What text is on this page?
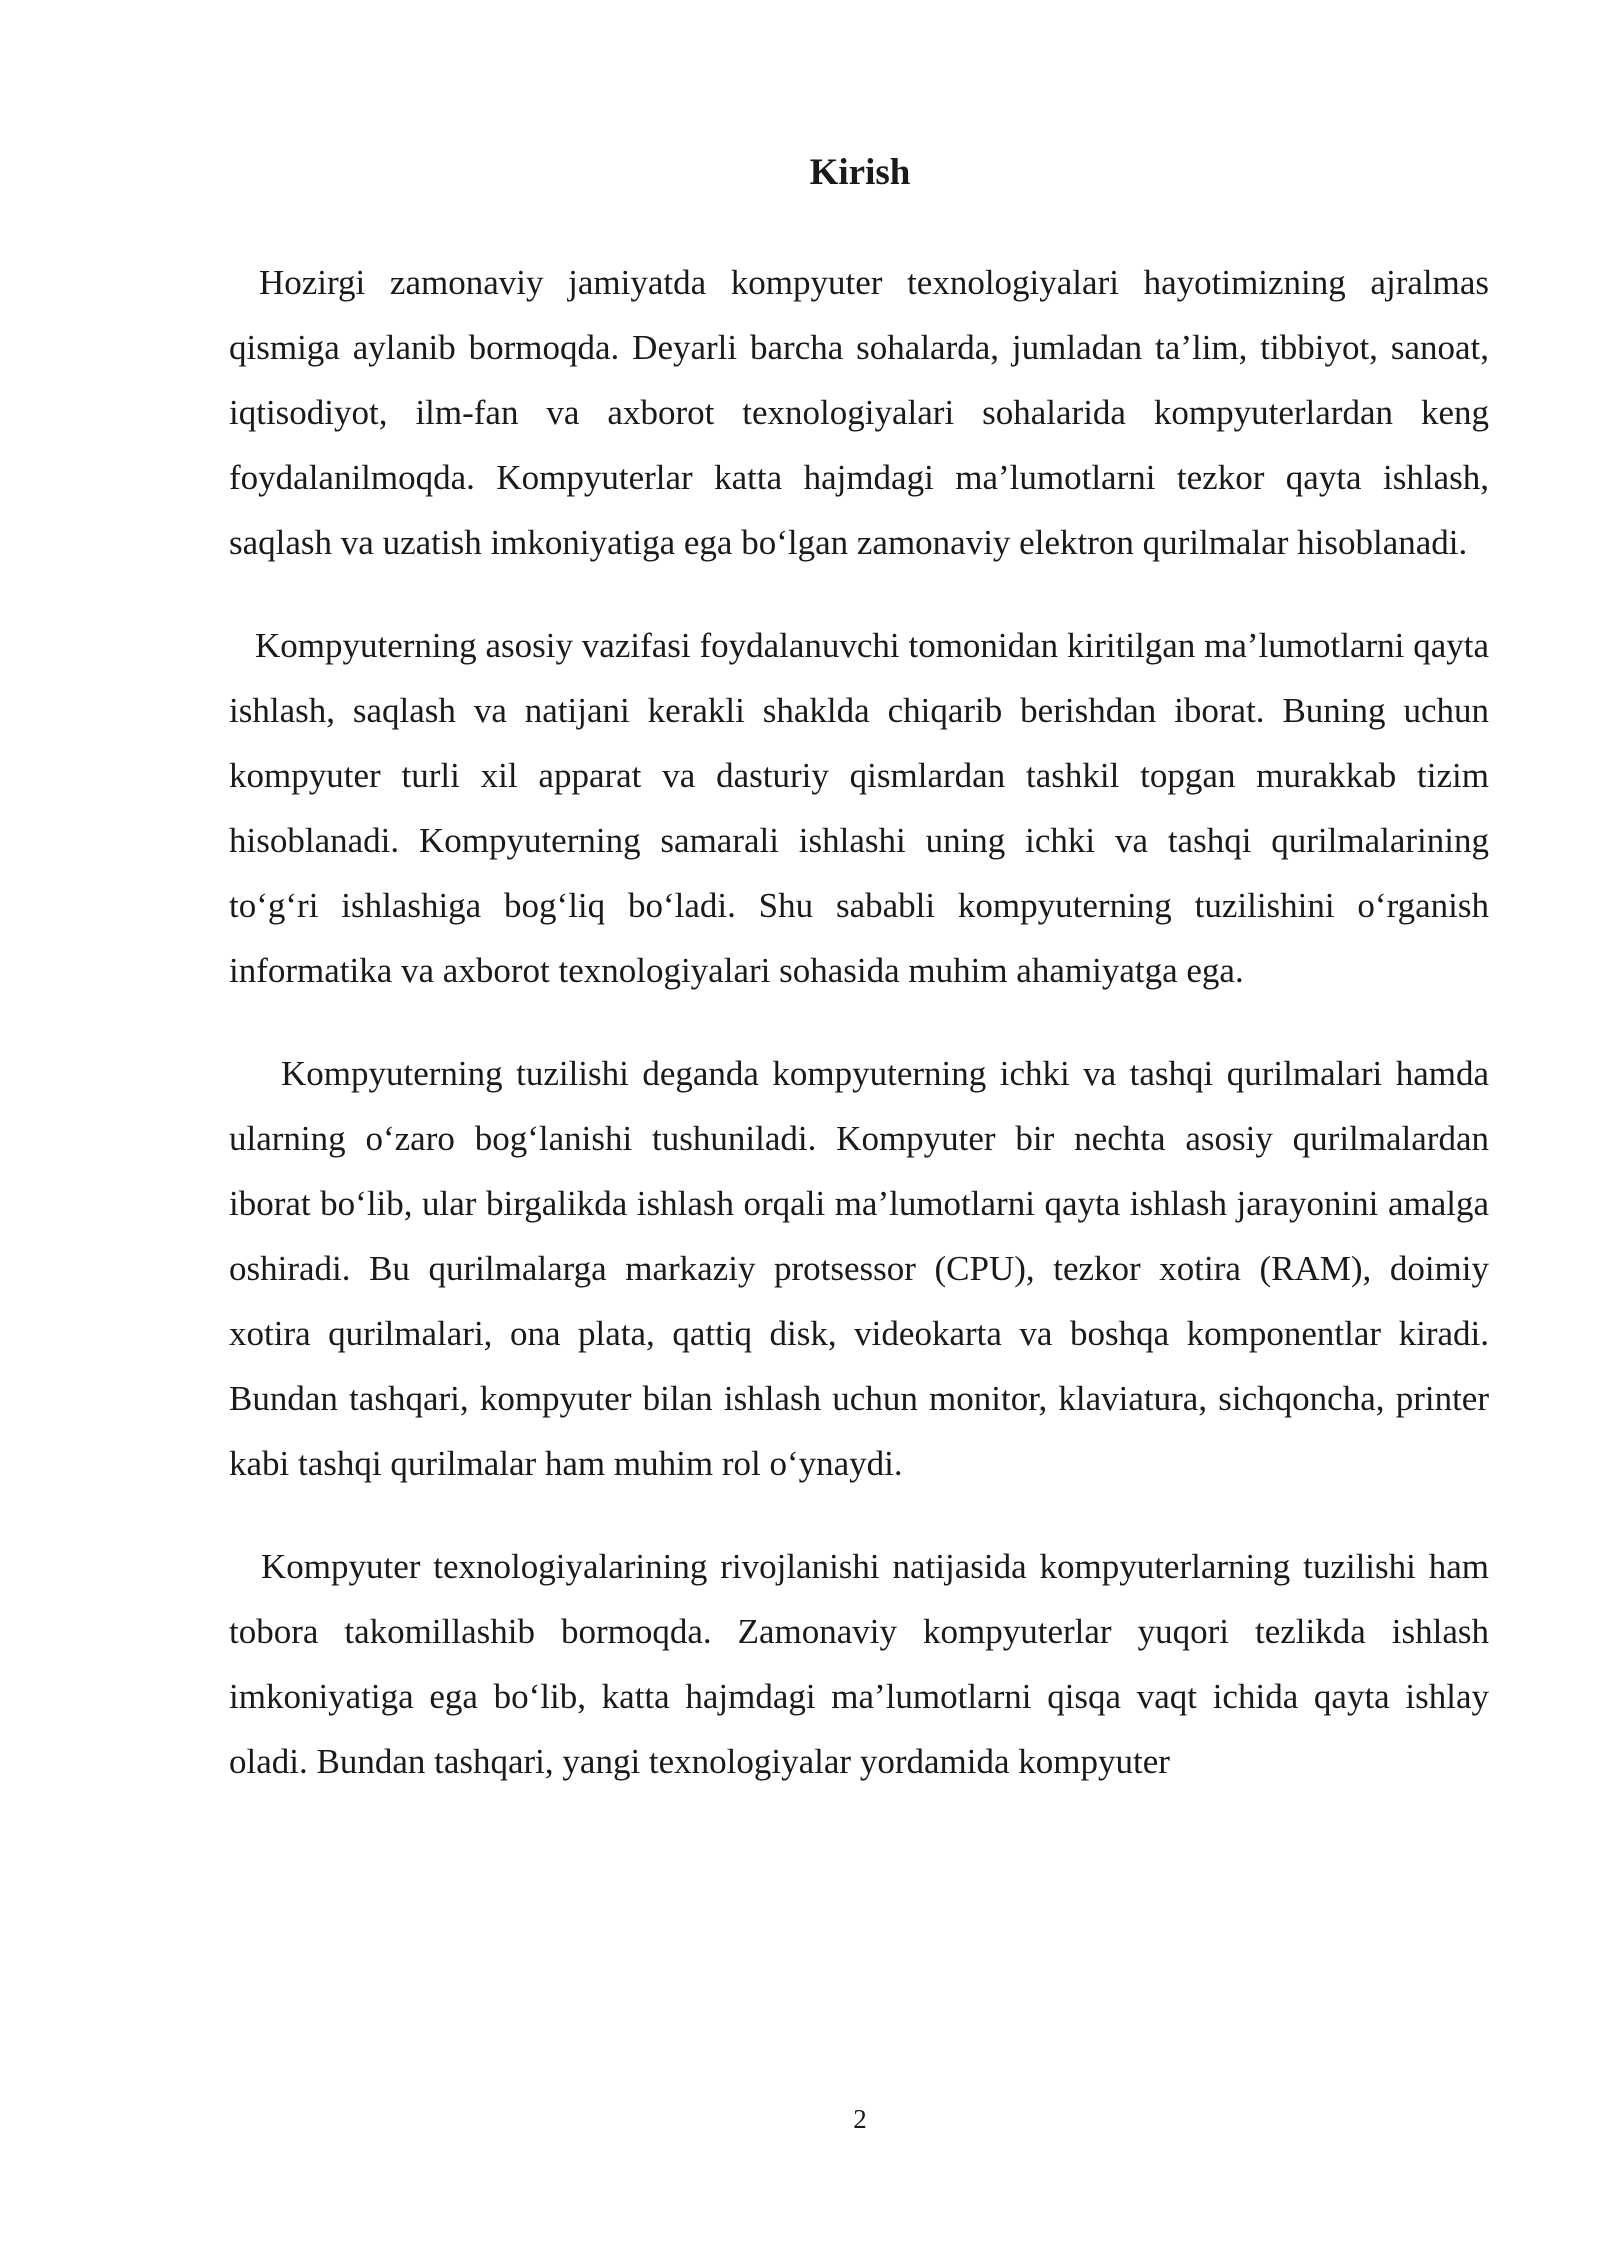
Kirish

Hozirgi zamonaviy jamiyatda kompyuter texnologiyalari hayotimizning ajralmas qismiga aylanib bormoqda. Deyarli barcha sohalarda, jumladan ta’lim, tibbiyot, sanoat, iqtisodiyot, ilm-fan va axborot texnologiyalari sohalarida kompyuterlardan keng foydalanilmoqda. Kompyuterlar katta hajmdagi ma’lumotlarni tezkor qayta ishlash, saqlash va uzatish imkoniyatiga ega bo‘lgan zamonaviy elektron qurilmalar hisoblanadi.

Kompyuterning asosiy vazifasi foydalanuvchi tomonidan kiritilgan ma’lumotlarni qayta ishlash, saqlash va natijani kerakli shaklda chiqarib berishdan iborat. Buning uchun kompyuter turli xil apparat va dasturiy qismlardan tashkil topgan murakkab tizim hisoblanadi. Kompyuterning samarali ishlashi uning ichki va tashqi qurilmalarining to‘g‘ri ishlashiga bog‘liq bo‘ladi. Shu sababli kompyuterning tuzilishini o‘rganish informatika va axborot texnologiyalari sohasida muhim ahamiyatga ega.

Kompyuterning tuzilishi deganda kompyuterning ichki va tashqi qurilmalari hamda ularning o‘zaro bog‘lanishi tushuniladi. Kompyuter bir nechta asosiy qurilmalardan iborat bo‘lib, ular birgalikda ishlash orqali ma’lumotlarni qayta ishlash jarayonini amalga oshiradi. Bu qurilmalarga markaziy protsessor (CPU), tezkor xotira (RAM), doimiy xotira qurilmalari, ona plata, qattiq disk, videokarta va boshqa komponentlar kiradi. Bundan tashqari, kompyuter bilan ishlash uchun monitor, klaviatura, sichqoncha, printer kabi tashqi qurilmalar ham muhim rol o‘ynaydi.

Kompyuter texnologiyalarining rivojlanishi natijasida kompyuterlarning tuzilishi ham tobora takomillashib bormoqda. Zamonaviy kompyuterlar yuqori tezlikda ishlash imkoniyatiga ega bo‘lib, katta hajmdagi ma’lumotlarni qisqa vaqt ichida qayta ishlay oladi. Bundan tashqari, yangi texnologiyalar yordamida kompyuter

2
